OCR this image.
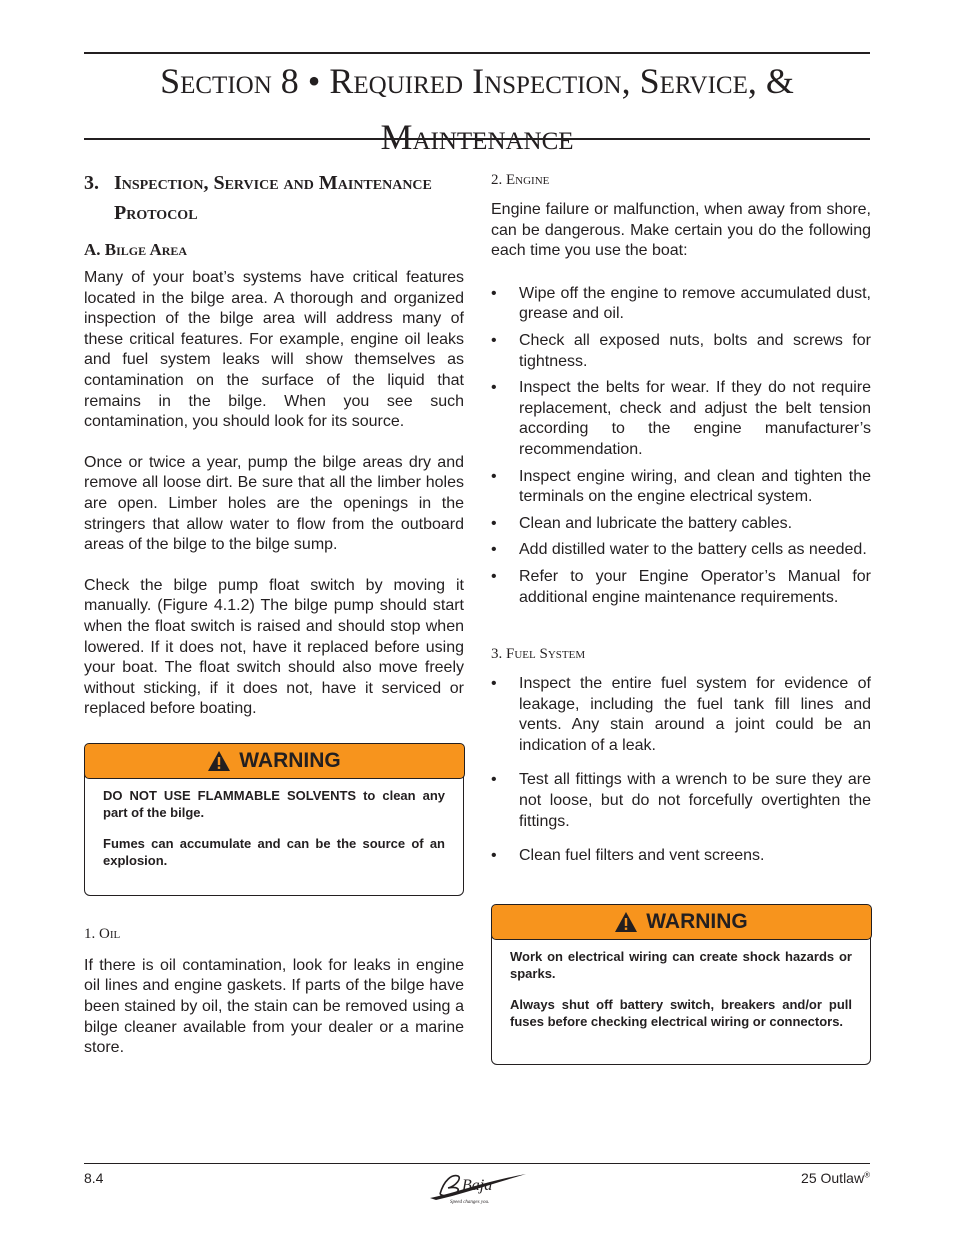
Section 8 • Required Inspection, Service, &
Maintenance
3. Inspection, Service and Maintenance Protocol
A. Bilge Area

Many of your boat’s systems have critical features located in the bilge area. A thorough and organized inspection of the bilge area will address many of these critical features. For example, engine oil leaks and fuel system leaks will show themselves as contamination on the surface of the liquid that remains in the bilge. When you see such contamination, you should look for its source.

Once or twice a year, pump the bilge areas dry and remove all loose dirt. Be sure that all the limber holes are open. Limber holes are the openings in the stringers that allow water to flow from the outboard areas of the bilge to the bilge sump.

Check the bilge pump float switch by moving it manually. (Figure 4.1.2) The bilge pump should start when the float switch is raised and should stop when lowered. If it does not, have it replaced before using your boat. The float switch should also move freely without sticking, if it does not, have it serviced or replaced before boating.

WARNING

DO NOT USE FLAMMABLE SOLVENTS to clean any part of the bilge.

Fumes can accumulate and can be the source of an explosion.

1. Oil

If there is oil contamination, look for leaks in engine oil lines and engine gaskets. If parts of the bilge have been stained by oil, the stain can be removed using a bilge cleaner available from your dealer or a marine store.

2. Engine

Engine failure or malfunction, when away from shore, can be dangerous. Make certain you do the following each time you use the boat:

• Wipe off the engine to remove accumulated dust, grease and oil.
• Check all exposed nuts, bolts and screws for tightness.
• Inspect the belts for wear. If they do not require replacement, check and adjust the belt tension according to the engine manufacturer’s recommendation.
• Inspect engine wiring, and clean and tighten the terminals on the engine electrical system.
• Clean and lubricate the battery cables.
• Add distilled water to the battery cells as needed.
• Refer to your Engine Operator’s Manual for additional engine maintenance requirements.
3. Fuel System
• Inspect the entire fuel system for evidence of leakage, including the fuel tank fill lines and vents. Any stain around a joint could be an indication of a leak.
• Test all fittings with a wrench to be sure they are not loose, but do not forcefully overtighten the fittings.
• Clean fuel filters and vent screens.
WARNING

Work on electrical wiring can create shock hazards or sparks.

Always shut off battery switch, breakers and/or pull fuses before checking electrical wiring or connectors.

8.4	Baja
Speed changes you.
25 Outlaw®
